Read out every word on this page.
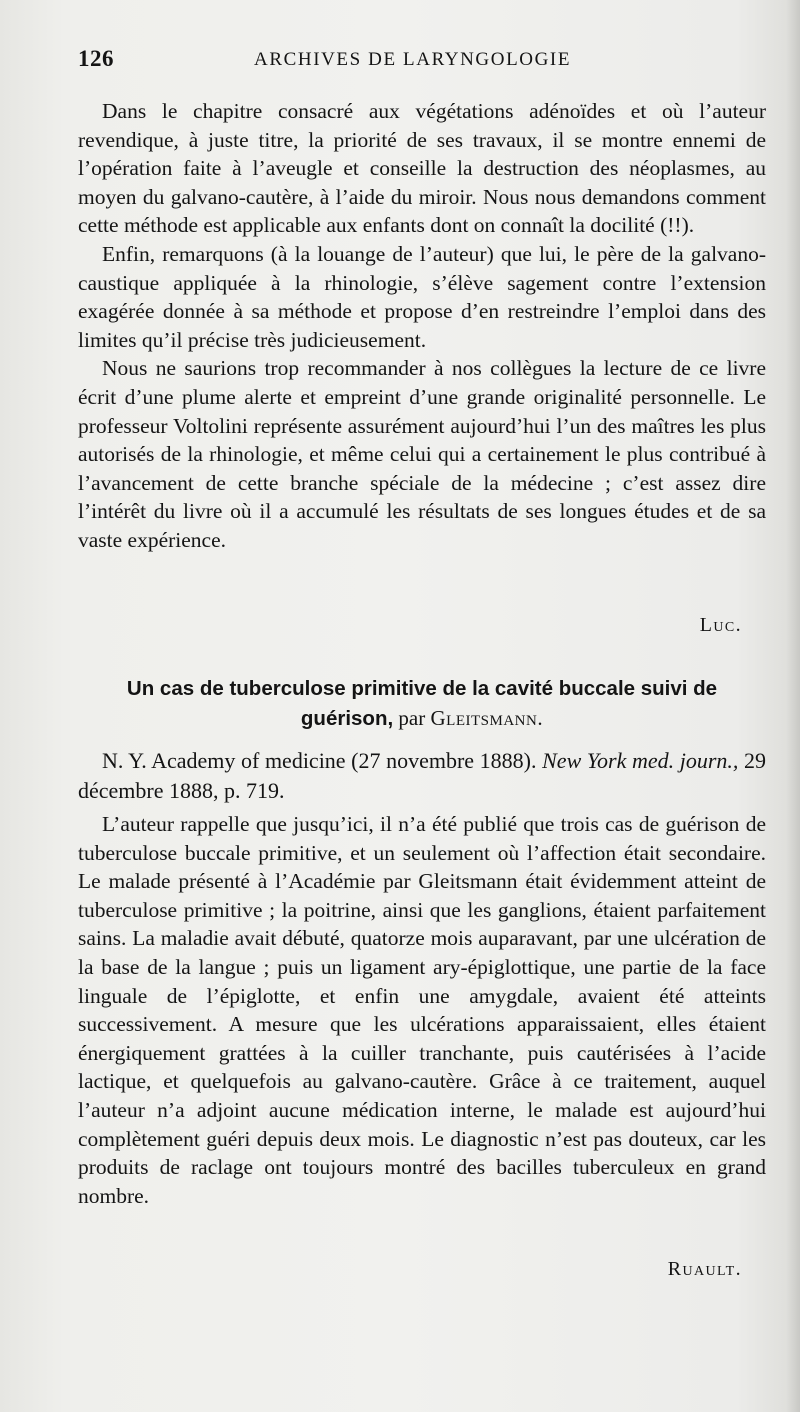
126	ARCHIVES DE LARYNGOLOGIE

Dans le chapitre consacré aux végétations adénoïdes et où l’auteur revendique, à juste titre, la priorité de ses travaux, il se montre ennemi de l’opération faite à l’aveugle et conseille la destruction des néoplasmes, au moyen du galvano-cautère, à l’aide du miroir. Nous nous demandons comment cette méthode est applicable aux enfants dont on connaît la docilité (!!).

Enfin, remarquons (à la louange de l’auteur) que lui, le père de la galvano-caustique appliquée à la rhinologie, s’élève sagement contre l’extension exagérée donnée à sa méthode et propose d’en restreindre l’emploi dans des limites qu’il précise très judicieusement.

Nous ne saurions trop recommander à nos collègues la lecture de ce livre écrit d’une plume alerte et empreint d’une grande originalité personnelle. Le professeur Voltolini représente assurément aujourd’hui l’un des maîtres les plus autorisés de la rhinologie, et même celui qui a certainement le plus contribué à l’avancement de cette branche spéciale de la médecine ; c’est assez dire l’intérêt du livre où il a accumulé les résultats de ses longues études et de sa vaste expérience.

Luc.
Un cas de tuberculose primitive de la cavité buccale suivi de guérison, par Gleitsmann.
N. Y. Academy of medicine (27 novembre 1888). New York med. journ., 29 décembre 1888, p. 719.

L’auteur rappelle que jusqu’ici, il n’a été publié que trois cas de guérison de tuberculose buccale primitive, et un seulement où l’affection était secondaire. Le malade présenté à l’Académie par Gleitsmann était évidemment atteint de tuberculose primitive ; la poitrine, ainsi que les ganglions, étaient parfaitement sains. La maladie avait débuté, quatorze mois auparavant, par une ulcération de la base de la langue ; puis un ligament ary-épiglottique, une partie de la face linguale de l’épiglotte, et enfin une amygdale, avaient été atteints successivement. A mesure que les ulcérations apparaissaient, elles étaient énergiquement grattées à la cuiller tranchante, puis cautérisées à l’acide lactique, et quelquefois au galvano-cautère. Grâce à ce traitement, auquel l’auteur n’a adjoint aucune médication interne, le malade est aujourd’hui complètement guéri depuis deux mois. Le diagnostic n’est pas douteux, car les produits de raclage ont toujours montré des bacilles tuberculeux en grand nombre.

Ruault.
